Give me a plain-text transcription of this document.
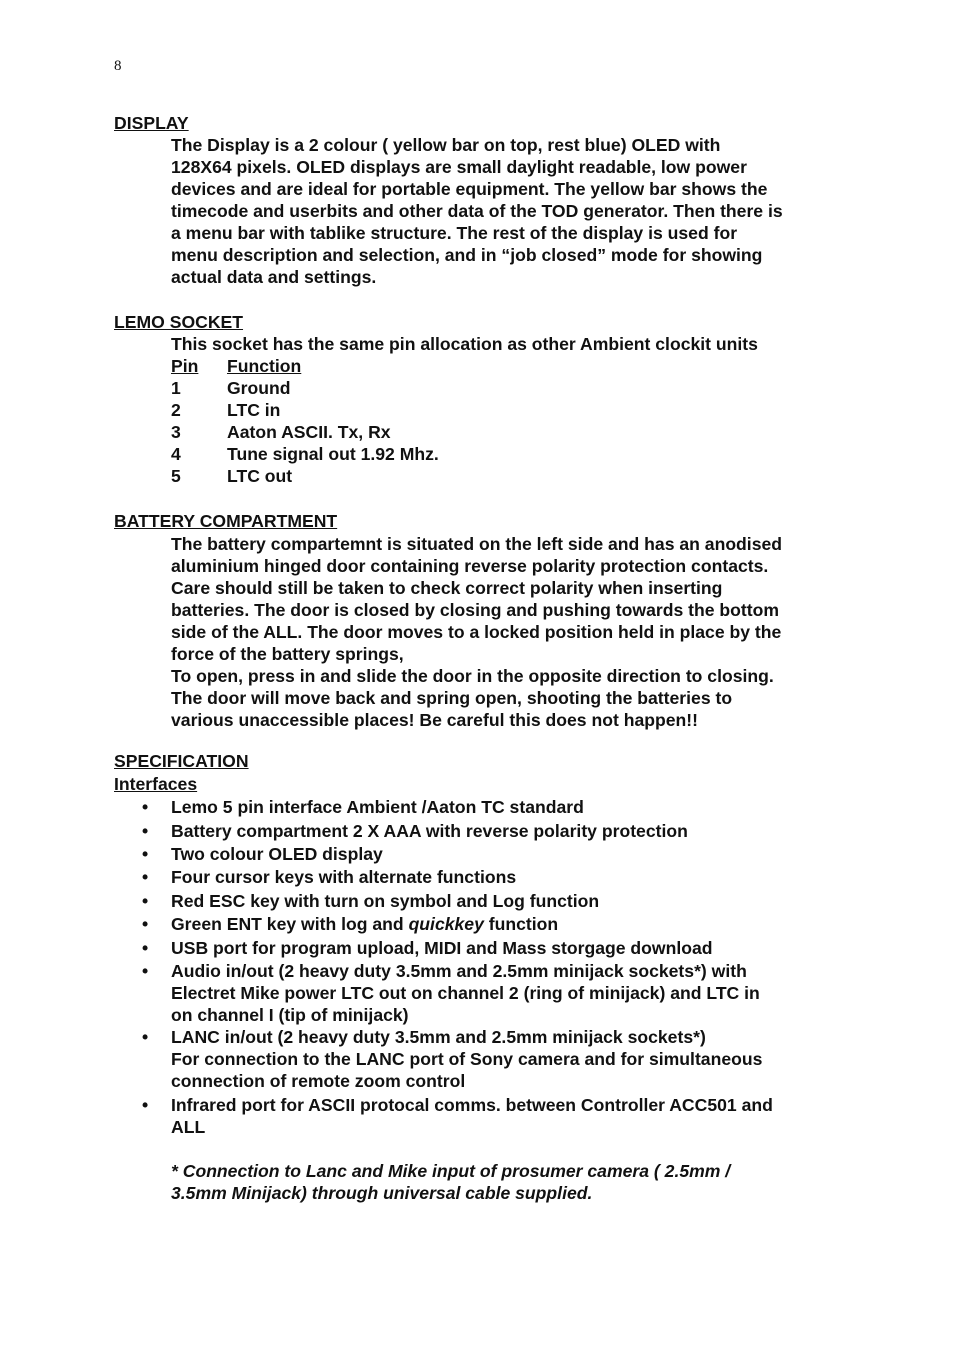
8
DISPLAY
The Display is a 2 colour ( yellow bar on top, rest blue) OLED with
128X64 pixels. OLED displays are small daylight readable, low power
devices and are ideal for portable equipment. The yellow bar shows the
timecode and userbits and other data of the TOD generator. Then there is
a menu bar with tablike structure. The rest of the display is used for
menu description and selection, and in “job closed” mode for showing
actual data and settings.
LEMO SOCKET
This socket has the same pin allocation as other Ambient clockit units
Pin Function
1	Ground
2	LTC in
3	Aaton ASCII. Tx, Rx
4	Tune signal out 1.92 Mhz.
5	LTC out
BATTERY COMPARTMENT
The battery compartemnt is situated on the left side and has an anodised
aluminium hinged door containing reverse polarity protection contacts.
Care should still be taken to check correct polarity when inserting
batteries. The door is closed by closing and pushing towards the bottom
side of the ALL. The door moves to a locked position held in place by the
force of the battery springs,
To open, press in and slide the door in the opposite direction to closing.
The door will move back and spring open, shooting the batteries to
various unaccessible places! Be careful this does not happen!!
SPECIFICATION
Interfaces
• Lemo 5 pin interface Ambient /Aaton TC standard
• Battery compartment 2 X AAA with reverse polarity protection
• Two colour OLED display
• Four cursor keys with alternate functions
• Red ESC key with turn on symbol and Log function
• Green ENT key with log and quickkey function
• USB port for program upload, MIDI and Mass storgage download
• Audio in/out (2 heavy duty 3.5mm and 2.5mm minijack sockets*) with
Electret Mike power LTC out on channel 2 (ring of minijack) and LTC in
on channel I (tip of minijack)
• LANC in/out (2 heavy duty 3.5mm and 2.5mm minijack sockets*)
For connection to the LANC port of Sony camera and for simultaneous
connection of remote zoom control
• Infrared port for ASCII protocal comms. between Controller ACC501 and
ALL
* Connection to Lanc and Mike input of prosumer camera ( 2.5mm /
3.5mm Minijack) through universal cable supplied.
